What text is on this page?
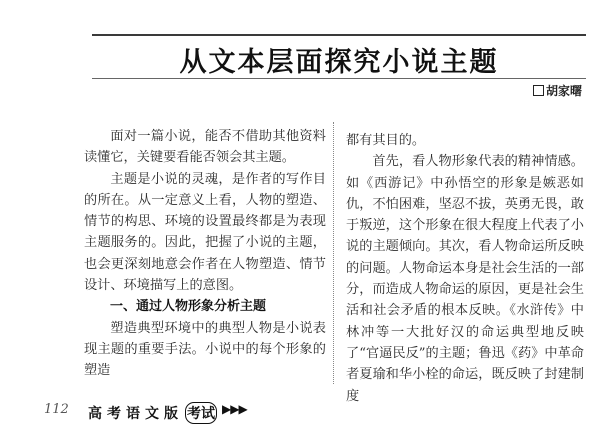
从文本层面探究小说主题
胡家曙

面对一篇小说，能否不借助其他资料读懂它，关键要看能否领会其主题。

主题是小说的灵魂，是作者的写作目的所在。从一定意义上看，人物的塑造、情节的构思、环境的设置最终都是为表现主题服务的。因此，把握了小说的主题，也会更深刻地意会作者在人物塑造、情节设计、环境描写上的意图。

一、通过人物形象分析主题

塑造典型环境中的典型人物是小说表现主题的重要手法。小说中的每个形象的塑造

都有其目的。

首先，看人物形象代表的精神情感。如《西游记》中孙悟空的形象是嫉恶如仇，不怕困难，坚忍不拔，英勇无畏，敢于叛逆，这个形象在很大程度上代表了小说的主题倾向。其次，看人物命运所反映的问题。人物命运本身是社会生活的一部分，而造成人物命运的原因，更是社会生活和社会矛盾的根本反映。《水浒传》中林冲等一大批好汉的命运典型地反映了“官逼民反”的主题；鲁迅《药》中革命者夏瑜和华小栓的命运，既反映了封建制度

112 高考语文版 考试 ▶▶▶
